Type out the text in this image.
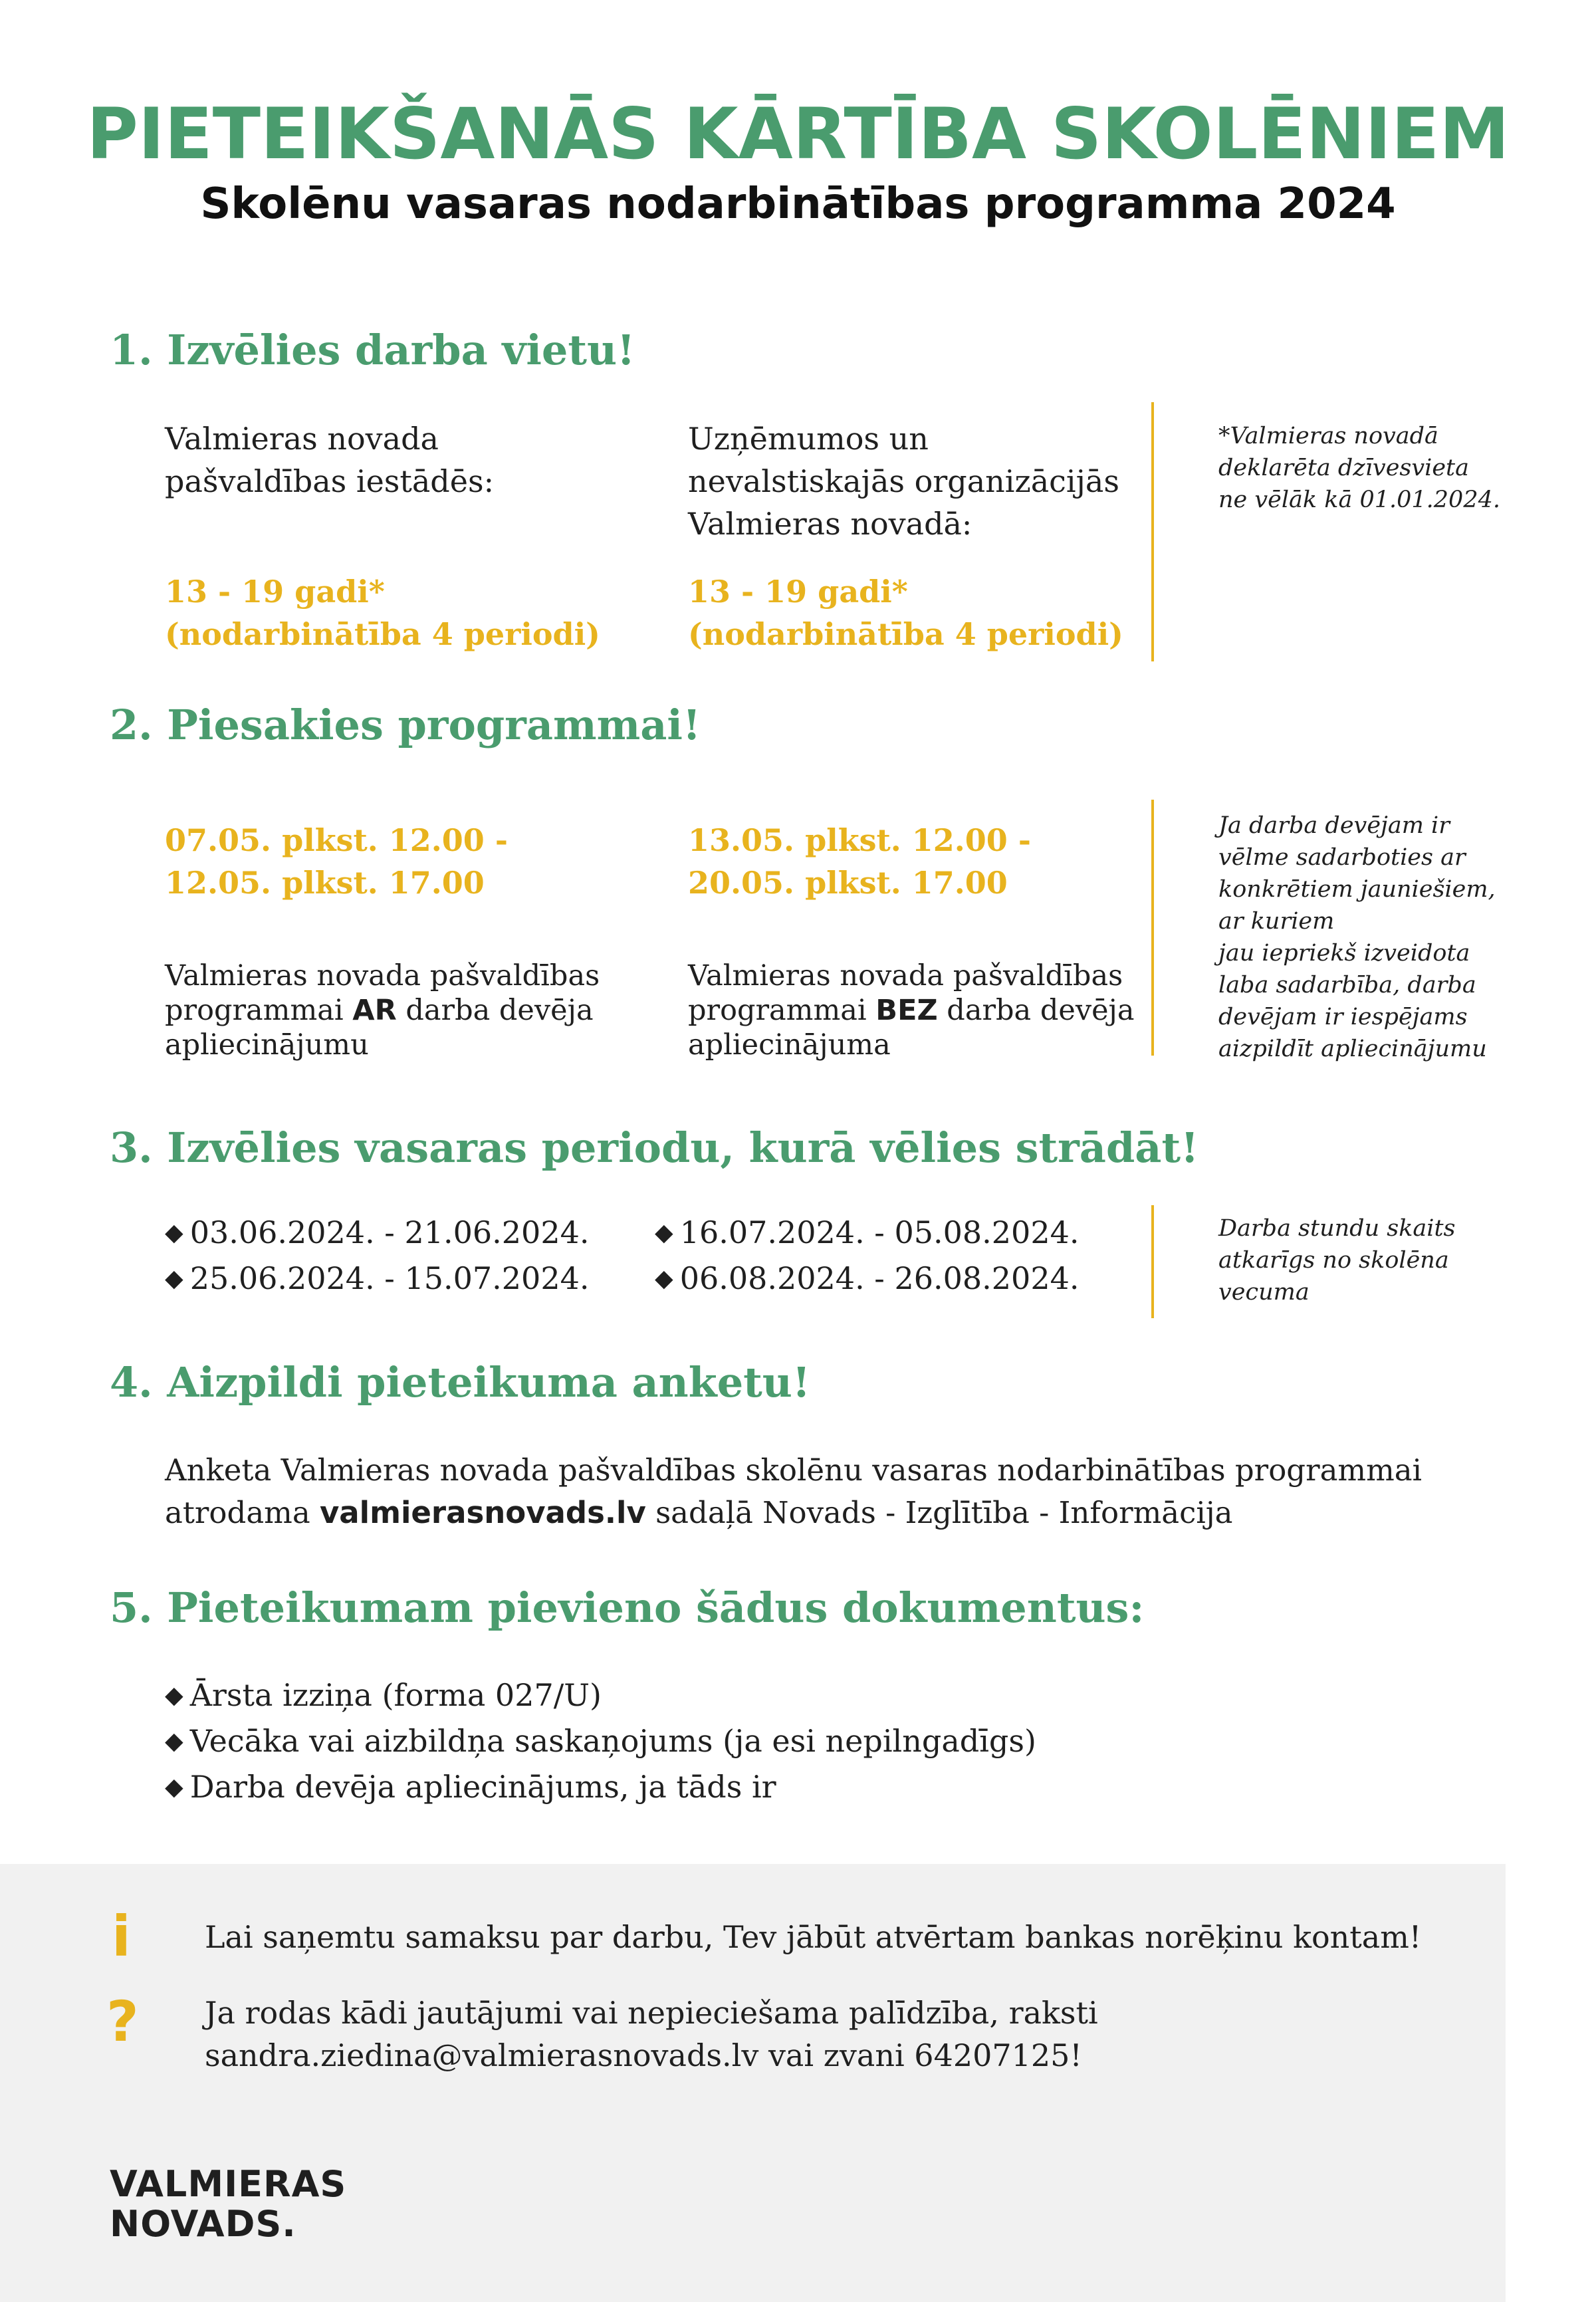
PIETEIKŠANĀS KĀRTĪBA SKOLĒNIEM
Skolēnu vasaras nodarbinātības programma 2024
1. Izvēlies darba vietu!
Valmieras novada
pašvaldības iestādēs:
13 - 19 gadi*
(nodarbinātība 4 periodi)
Uzņēmumos un
nevalstiskajās organizācijās
Valmieras novadā:
13 - 19 gadi*
(nodarbinātība 4 periodi)
*Valmieras novadā
deklarēta dzīvesvieta
ne vēlāk kā 01.01.2024.
2. Piesakies programmai!
07.05. plkst. 12.00 -
12.05. plkst. 17.00
Valmieras novada pašvaldības
programmai AR darba devēja
apliecinājumu
13.05. plkst. 12.00 -
20.05. plkst. 17.00
Valmieras novada pašvaldības
programmai BEZ darba devēja
apliecinājuma
Ja darba devējam ir
vēlme sadarboties ar
konkrētiem jauniešiem,
ar kuriem
jau iepriekš izveidota
laba sadarbība, darba
devējam ir iespējams
aizpildīt apliecinājumu
3. Izvēlies vasaras periodu, kurā vēlies strādāt!
◆ 03.06.2024. - 21.06.2024.
◆ 25.06.2024. - 15.07.2024.
◆ 16.07.2024. - 05.08.2024.
◆ 06.08.2024. - 26.08.2024.
Darba stundu skaits
atkarīgs no skolēna
vecuma
4. Aizpildi pieteikuma anketu!
Anketa Valmieras novada pašvaldības skolēnu vasaras nodarbinātības programmai
atrodama valmierasnovads.lv sadaļā Novads - Izglītība - Informācija
5. Pieteikumam pievieno šādus dokumentus:
◆ Ārsta izziņa (forma 027/U)
◆ Vecāka vai aizbildņa saskaņojums (ja esi nepilngadīgs)
◆ Darba devēja apliecinājums, ja tāds ir
i Lai saņemtu samaksu par darbu, Tev jābūt atvērtam bankas norēķinu kontam!
? Ja rodas kādi jautājumi vai nepieciešama palīdzība, raksti
sandra.ziedina@valmierasnovads.lv vai zvani 64207125!
VALMIERAS
NOVADS.
